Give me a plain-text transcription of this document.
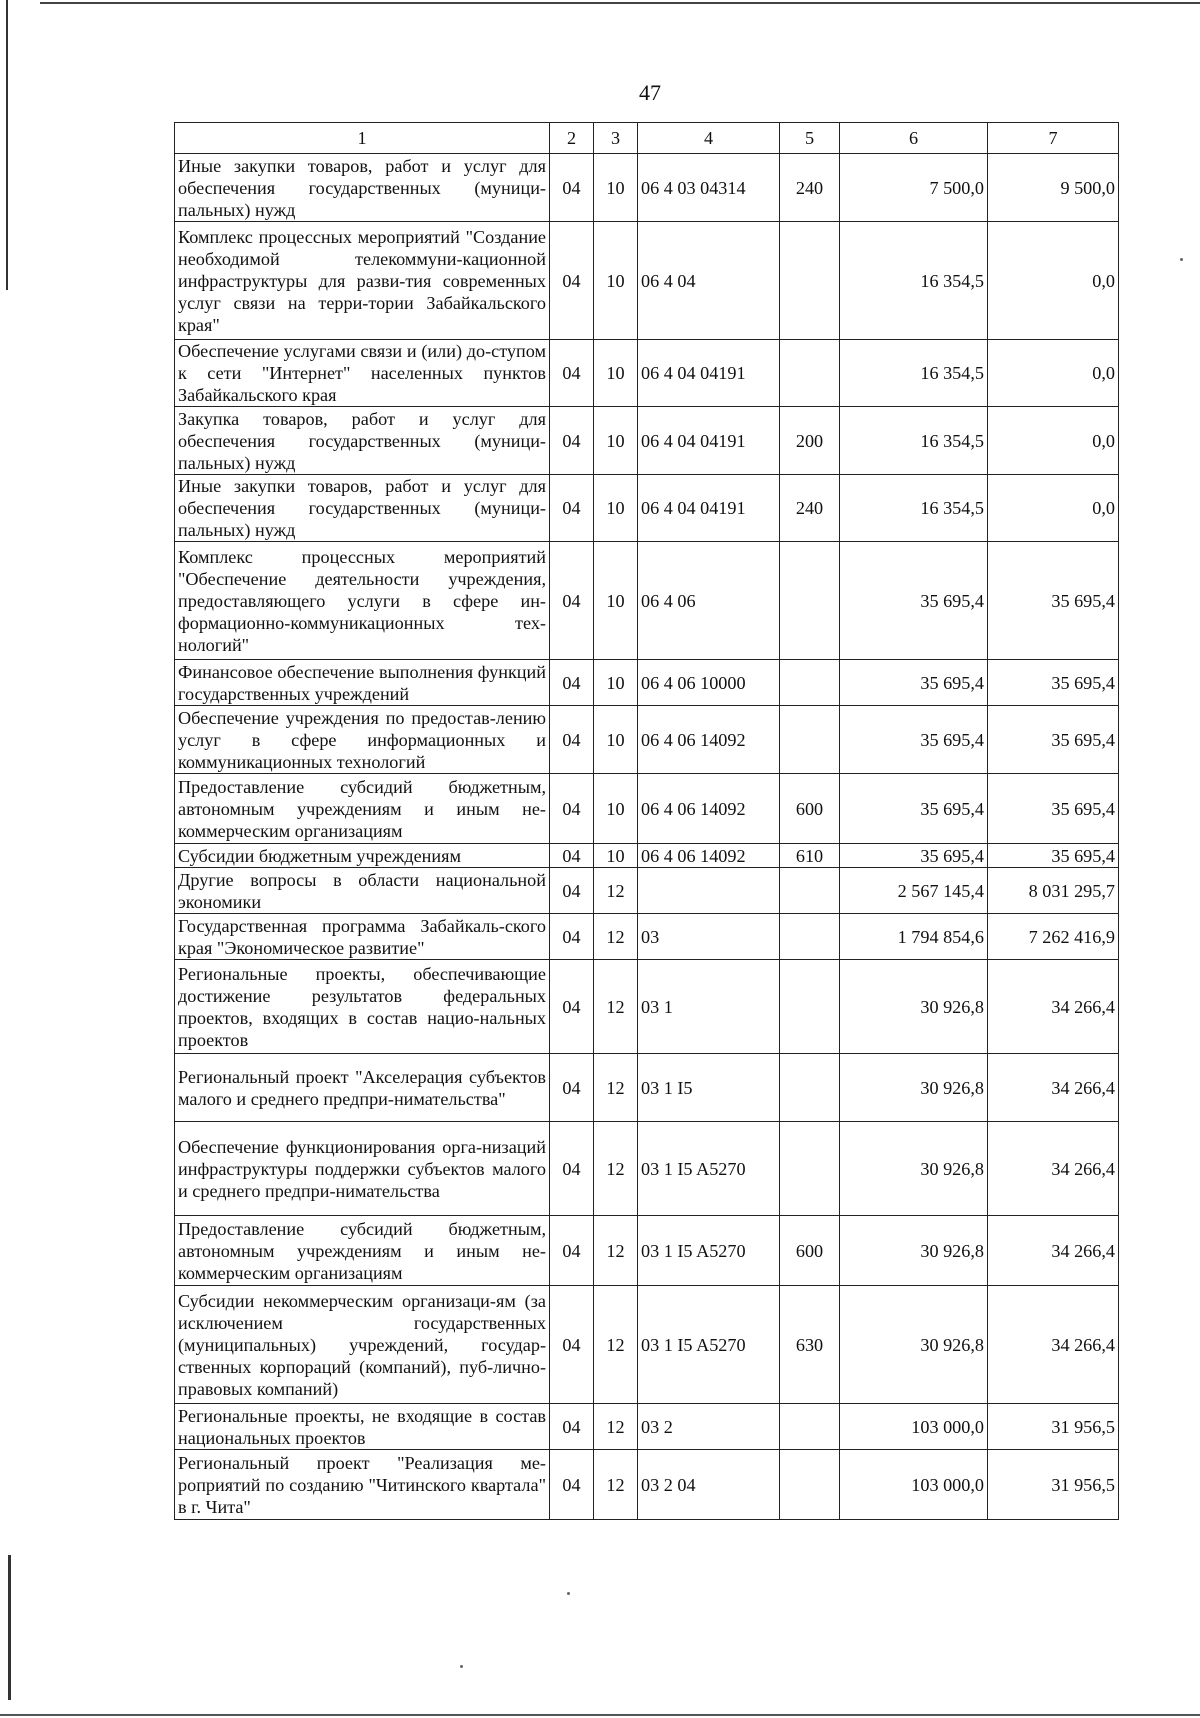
47
1	2	3	4	5	6	7
Иные закупки товаров, работ и услуг для обеспечения государственных (муници-пальных) нужд	04	10	06 4 03 04314	240	7 500,0	9 500,0
Комплекс процессных мероприятий "Создание необходимой телекоммуни-кационной инфраструктуры для разви-тия современных услуг связи на терри-тории Забайкальского края"	04	10	06 4 04		16 354,5	0,0
Обеспечение услугами связи и (или) до-ступом к сети "Интернет" населенных пунктов Забайкальского края	04	10	06 4 04 04191		16 354,5	0,0
Закупка товаров, работ и услуг для обеспечения государственных (муници-пальных) нужд	04	10	06 4 04 04191	200	16 354,5	0,0
Иные закупки товаров, работ и услуг для обеспечения государственных (муници-пальных) нужд	04	10	06 4 04 04191	240	16 354,5	0,0
Комплекс процессных мероприятий "Обеспечение деятельности учреждения, предоставляющего услуги в сфере ин-формационно-коммуникационных тех-нологий"	04	10	06 4 06		35 695,4	35 695,4
Финансовое обеспечение выполнения функций государственных учреждений	04	10	06 4 06 10000		35 695,4	35 695,4
Обеспечение учреждения по предостав-лению услуг в сфере информационных и коммуникационных технологий	04	10	06 4 06 14092		35 695,4	35 695,4
Предоставление субсидий бюджетным, автономным учреждениям и иным не-коммерческим организациям	04	10	06 4 06 14092	600	35 695,4	35 695,4
Субсидии бюджетным учреждениям	04	10	06 4 06 14092	610	35 695,4	35 695,4
Другие вопросы в области национальной экономики	04	12			2 567 145,4	8 031 295,7
Государственная программа Забайкаль-ского края "Экономическое развитие"	04	12	03		1 794 854,6	7 262 416,9
Региональные проекты, обеспечивающие достижение результатов федеральных проектов, входящих в состав нацио-нальных проектов	04	12	03 1		30 926,8	34 266,4
Региональный проект "Акселерация субъектов малого и среднего предпри-нимательства"	04	12	03 1 I5		30 926,8	34 266,4
Обеспечение функционирования орга-низаций инфраструктуры поддержки субъектов малого и среднего предпри-нимательства	04	12	03 1 I5 A5270		30 926,8	34 266,4
Предоставление субсидий бюджетным, автономным учреждениям и иным не-коммерческим организациям	04	12	03 1 I5 A5270	600	30 926,8	34 266,4
Субсидии некоммерческим организаци-ям (за исключением государственных (муниципальных) учреждений, государ-ственных корпораций (компаний), пуб-лично-правовых компаний)	04	12	03 1 I5 A5270	630	30 926,8	34 266,4
Региональные проекты, не входящие в состав национальных проектов	04	12	03 2		103 000,0	31 956,5
Региональный проект "Реализация ме-роприятий по созданию "Читинского квартала" в г. Чита"	04	12	03 2 04		103 000,0	31 956,5
